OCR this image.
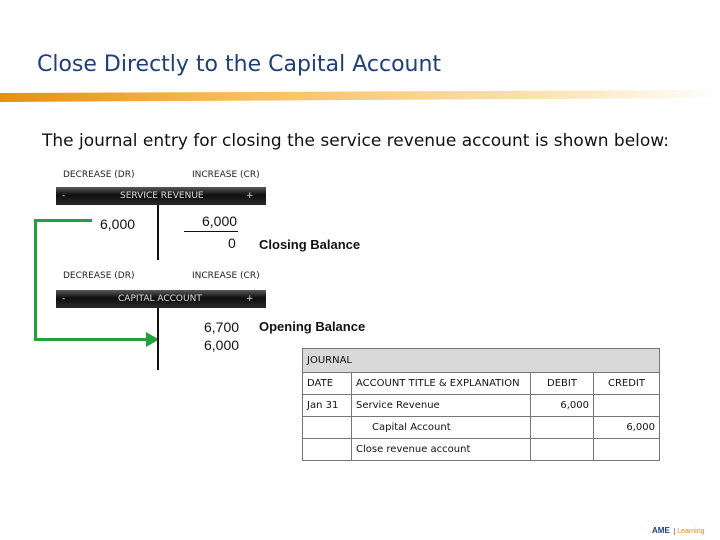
Close Directly to the Capital Account
The journal entry for closing the service revenue account is shown below:
DECREASE (DR)	INCREASE (CR)
-	SERVICE REVENUE	+
6,000	6,000
0 Closing Balance
DECREASE (DR)	INCREASE (CR)
-	CAPITAL ACCOUNT	+
6,700
6,000
Opening Balance
JOURNAL			
DATE	ACCOUNT TITLE & EXPLANATION	DEBIT	CREDIT
Jan 31	Service Revenue	6,000	
	Capital Account		6,000
	Close revenue account		
AME Learning
